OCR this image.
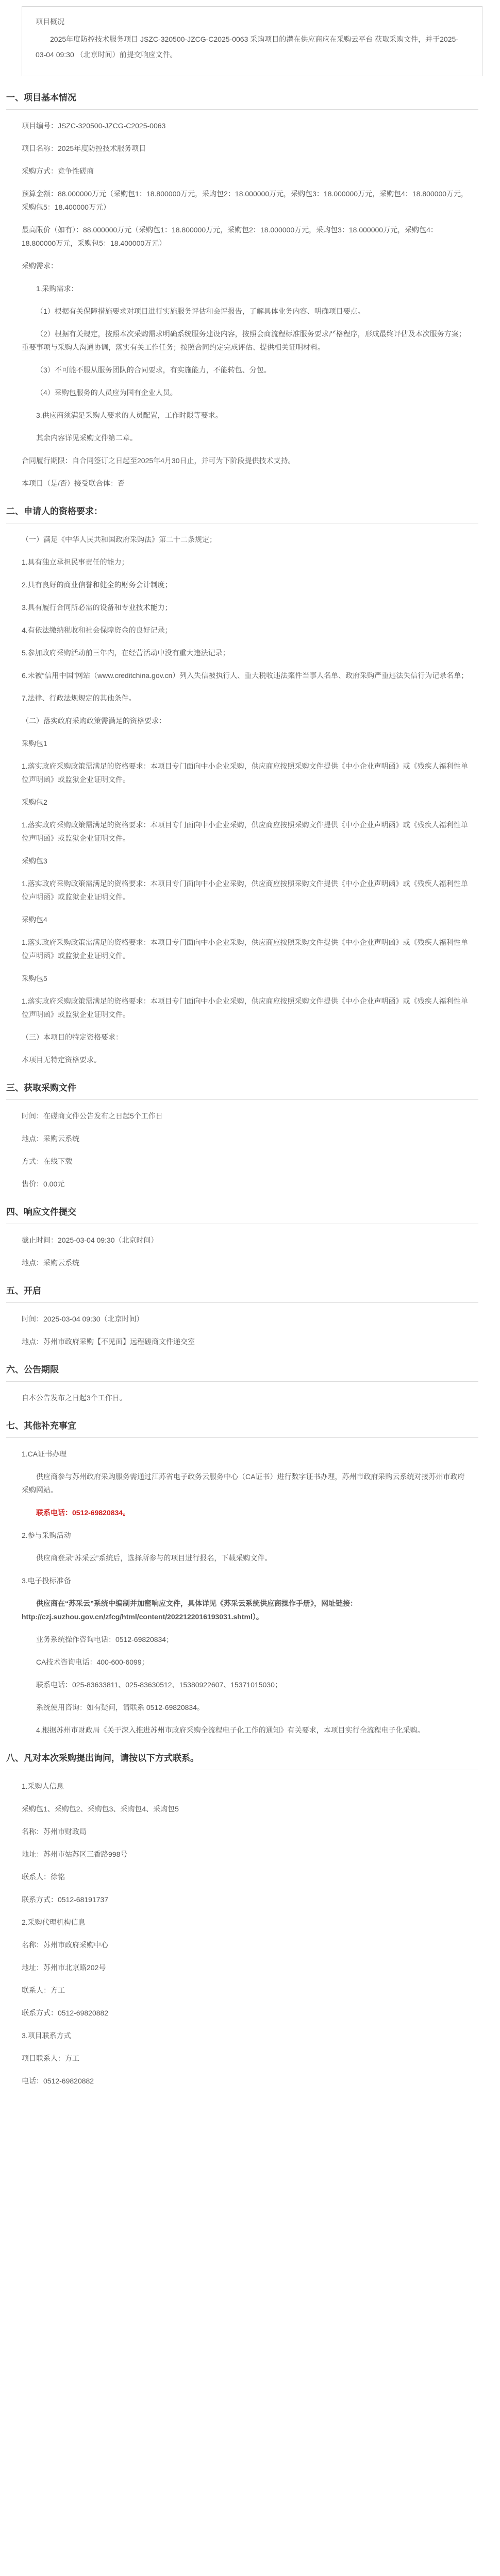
项目概况
2025年度防控技术服务项目 JSZC-320500-JZCG-C2025-0063 采购项目的潜在供应商应在采购云平台 获取采购文件，并于2025-03-04 09:30 （北京时间）前提交响应文件。
一、项目基本情况
项目编号：JSZC-320500-JZCG-C2025-0063
项目名称：2025年度防控技术服务项目
采购方式：竞争性磋商
预算金额：88.000000万元（采购包1：18.800000万元，采购包2：18.000000万元，采购包3：18.000000万元，采购包4：18.800000万元，采购包5：18.400000万元）
最高限价（如有）：88.000000万元（采购包1：18.800000万元，采购包2：18.000000万元，采购包3：18.000000万元，采购包4：18.800000万元，采购包5：18.400000万元）
采购需求：
1.采购需求：
（1）根据有关保障措施要求对项目进行实施服务评估和会评报告，了解具体业务内容、明确项目要点。
（2）根据有关规定，按照本次采购需求明确系统服务建设内容，按照会商流程标准服务要求严格程序，形成最终评估及本次服务方案；重要事项与采购人沟通协调，落实有关工作任务；按照合同约定完成评估、提供相关证明材料。
（3）不可能不服从服务团队的合同要求，有实施能力，不能转包、分包。
（4）采购包服务的人员应为国有企业人员。
3.供应商须满足采购人要求的人员配置，工作时限等要求。
其余内容详见采购文件第二章。
合同履行期限：自合同签订之日起至2025年4月30日止，并可为下阶段提供技术支持。
本项目（是/否）接受联合体：否
二、申请人的资格要求：
（一）满足《中华人民共和国政府采购法》第二十二条规定；
1.具有独立承担民事责任的能力；
2.具有良好的商业信誉和健全的财务会计制度；
3.具有履行合同所必需的设备和专业技术能力；
4.有依法缴纳税收和社会保障资金的良好记录；
5.参加政府采购活动前三年内，在经营活动中没有重大违法记录；
6.未被“信用中国”网站（www.creditchina.gov.cn）列入失信被执行人、重大税收违法案件当事人名单、政府采购严重违法失信行为记录名单；
7.法律、行政法规规定的其他条件。
（二）落实政府采购政策需满足的资格要求：
采购包1
1.落实政府采购政策需满足的资格要求：本项目专门面向中小企业采购，供应商应按照采购文件提供《中小企业声明函》或《残疾人福利性单位声明函》或监狱企业证明文件。
采购包2
1.落实政府采购政策需满足的资格要求：本项目专门面向中小企业采购，供应商应按照采购文件提供《中小企业声明函》或《残疾人福利性单位声明函》或监狱企业证明文件。
采购包3
1.落实政府采购政策需满足的资格要求：本项目专门面向中小企业采购，供应商应按照采购文件提供《中小企业声明函》或《残疾人福利性单位声明函》或监狱企业证明文件。
采购包4
1.落实政府采购政策需满足的资格要求：本项目专门面向中小企业采购，供应商应按照采购文件提供《中小企业声明函》或《残疾人福利性单位声明函》或监狱企业证明文件。
采购包5
1.落实政府采购政策需满足的资格要求：本项目专门面向中小企业采购，供应商应按照采购文件提供《中小企业声明函》或《残疾人福利性单位声明函》或监狱企业证明文件。
（三）本项目的特定资格要求：
本项目无特定资格要求。
三、获取采购文件
时间：在磋商文件公告发布之日起5个工作日
地点：采购云系统
方式：在线下载
售价：0.00元
四、响应文件提交
截止时间：2025-03-04 09:30（北京时间）
地点：采购云系统
五、开启
时间：2025-03-04 09:30（北京时间）
地点：苏州市政府采购【不见面】远程磋商文件递交室
六、公告期限
自本公告发布之日起3个工作日。
七、其他补充事宜
1.CA证书办理
供应商参与苏州政府采购服务需通过江苏省电子政务云服务中心（CA证书）进行数字证书办理，苏州市政府采购云系统对接苏州市政府采购网站。
联系电话：0512-69820834。
2.参与采购活动
供应商登录“苏采云”系统后，选择所参与的项目进行报名，下载采购文件。
3.电子投标准备
供应商在“苏采云”系统中编制并加密响应文件，具体详见《苏采云系统供应商操作手册》，网址链接：http://czj.suzhou.gov.cn/zfcg/html/content/2022122016193031.shtml）。
业务系统操作咨询电话：0512-69820834；
CA技术咨询电话：400-600-6099；
联系电话：025-83633811、025-83630512、15380922607、15371015030；
系统使用咨询：如有疑问，请联系 0512-69820834。
4.根据苏州市财政局《关于深入推进苏州市政府采购全流程电子化工作的通知》有关要求，本项目实行全流程电子化采购。
八、凡对本次采购提出询问，请按以下方式联系。
1.采购人信息
采购包1、采购包2、采购包3、采购包4、采购包5
名称：苏州市财政局
地址：苏州市姑苏区三香路998号
联系人：徐铭
联系方式：0512-68191737
2.采购代理机构信息
名称：苏州市政府采购中心
地址：苏州市北京路202号
联系人：方工
联系方式：0512-69820882
3.项目联系方式
项目联系人：方工
电话：0512-69820882
